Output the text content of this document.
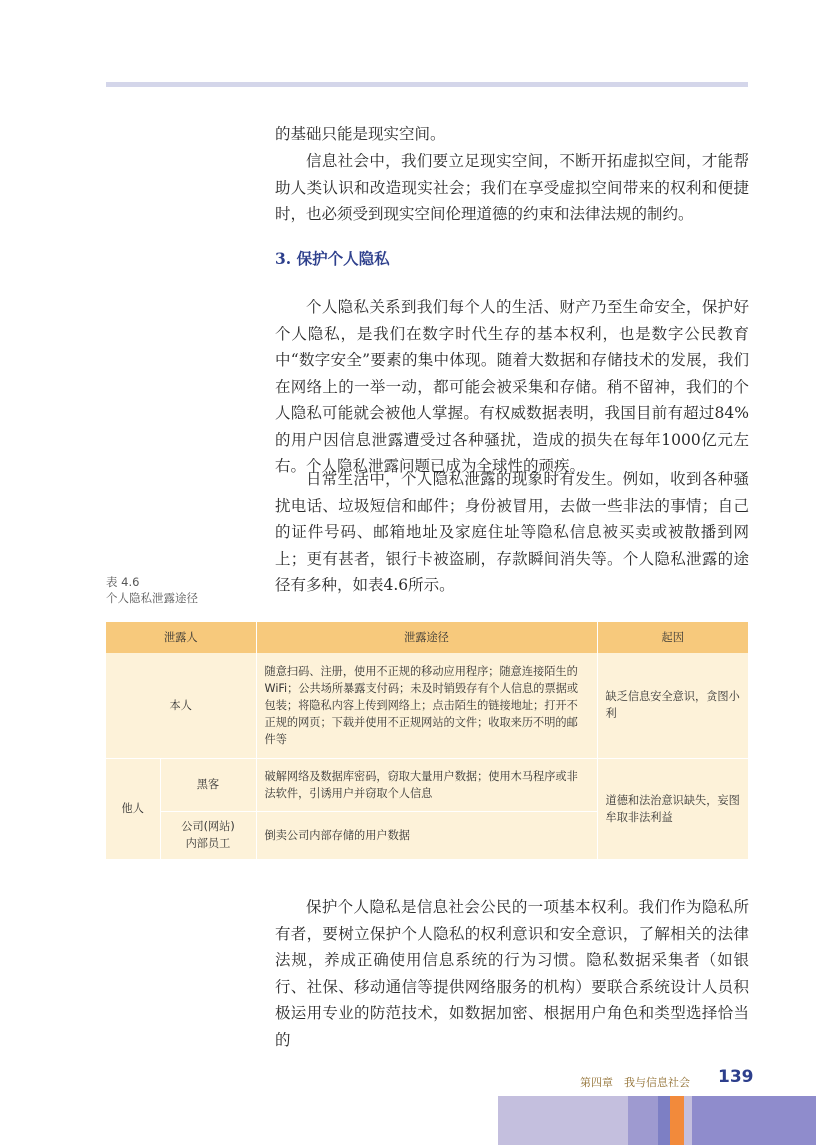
的基础只能是现实空间。

信息社会中，我们要立足现实空间，不断开拓虚拟空间，才能帮助人类认识和改造现实社会；我们在享受虚拟空间带来的权利和便捷时，也必须受到现实空间伦理道德的约束和法律法规的制约。

3. 保护个人隐私

个人隐私关系到我们每个人的生活、财产乃至生命安全，保护好个人隐私，是我们在数字时代生存的基本权利，也是数字公民教育中“数字安全”要素的集中体现。随着大数据和存储技术的发展，我们在网络上的一举一动，都可能会被采集和存储。稍不留神，我们的个人隐私可能就会被他人掌握。有权威数据表明，我国目前有超过84%的用户因信息泄露遭受过各种骚扰，造成的损失在每年1000亿元左右。个人隐私泄露问题已成为全球性的顽疾。

日常生活中，个人隐私泄露的现象时有发生。例如，收到各种骚扰电话、垃圾短信和邮件；身份被冒用，去做一些非法的事情；自己的证件号码、邮箱地址及家庭住址等隐私信息被买卖或被散播到网上；更有甚者，银行卡被盗刷，存款瞬间消失等。个人隐私泄露的途径有多种，如表4.6所示。

表 4.6
个人隐私泄露途径
泄露人		泄露途径	起因
本人		随意扫码、注册，使用不正规的移动应用程序；随意连接陌生的WiFi；公共场所暴露支付码；未及时销毁存有个人信息的票据或包装；将隐私内容上传到网络上；点击陌生的链接地址；打开不正规的网页；下载并使用不正规网站的文件；收取来历不明的邮件等	缺乏信息安全意识，贪图小利
他人	黑客	破解网络及数据库密码，窃取大量用户数据；使用木马程序或非法软件，引诱用户并窃取个人信息	道德和法治意识缺失，妄图牟取非法利益

	公司(网站)
内部员工	倒卖公司内部存储的用户数据	

保护个人隐私是信息社会公民的一项基本权利。我们作为隐私所有者，要树立保护个人隐私的权利意识和安全意识，了解相关的法律法规，养成正确使用信息系统的行为习惯。隐私数据采集者（如银行、社保、移动通信等提供网络服务的机构）要联合系统设计人员积极运用专业的防范技术，如数据加密、根据用户角色和类型选择恰当的

第四章　我与信息社会 139
